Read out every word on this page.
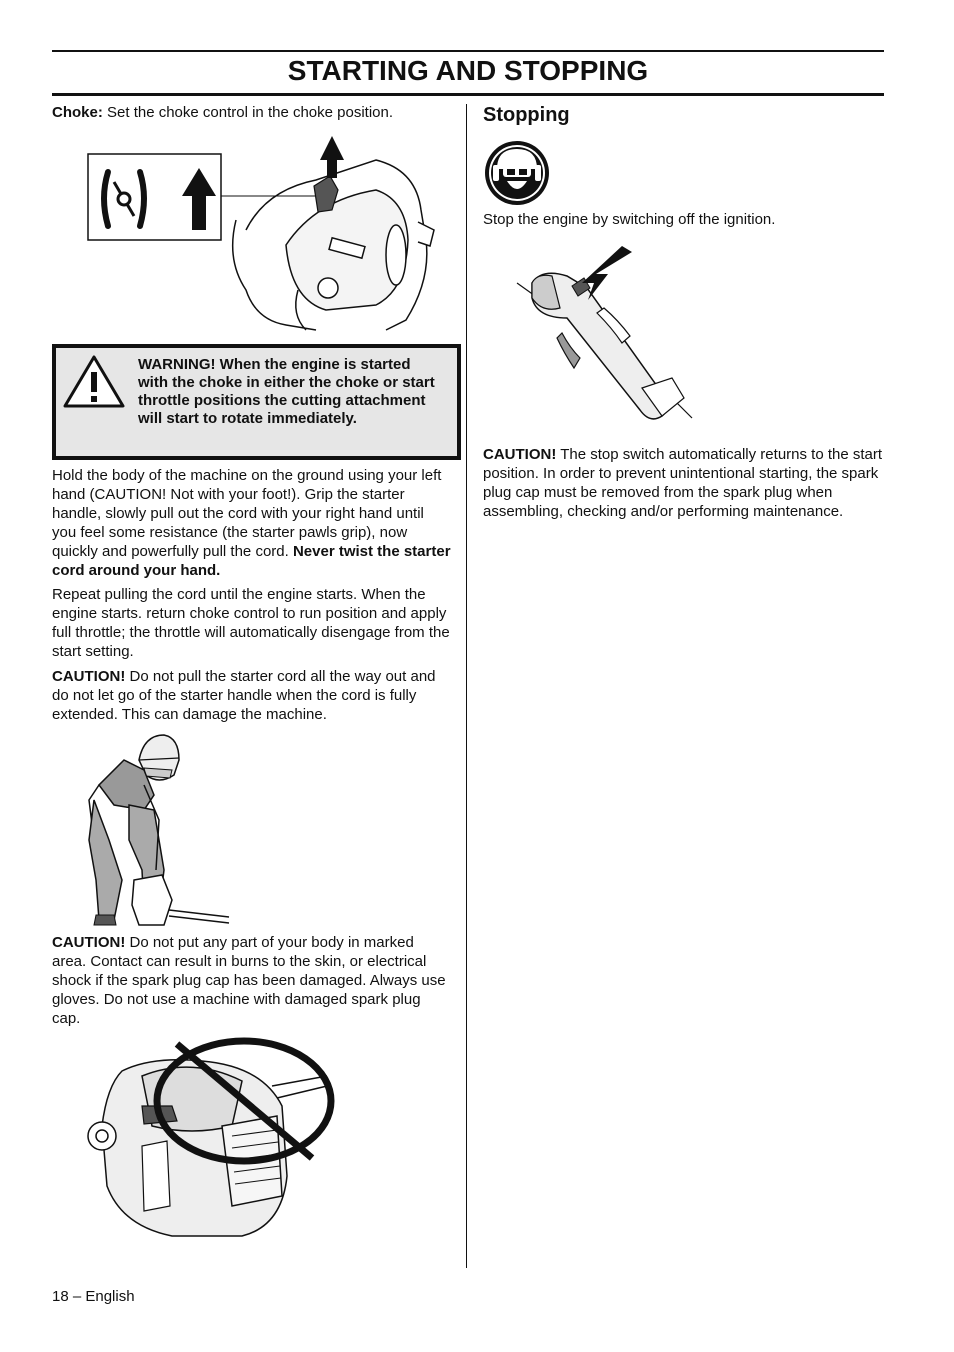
STARTING AND STOPPING

Choke: Set the choke control in the choke position.

WARNING! When the engine is started with the choke in either the choke or start throttle positions the cutting attachment will start to rotate immediately.

Hold the body of the machine on the ground using your left hand (CAUTION! Not with your foot!). Grip the starter handle, slowly pull out the cord with your right hand until you feel some resistance (the starter pawls grip), now quickly and powerfully pull the cord. Never twist the starter cord around your hand.

Repeat pulling the cord until the engine starts. When the engine starts. return choke control to run position and apply full throttle; the throttle will automatically disengage from the start setting.

CAUTION! Do not pull the starter cord all the way out and do not let go of the starter handle when the cord is fully extended. This can damage the machine.

CAUTION! Do not put any part of your body in marked area. Contact can result in burns to the skin, or electrical shock if the spark plug cap has been damaged. Always use gloves. Do not use a machine with damaged spark plug cap.

Stopping

Stop the engine by switching off the ignition.

CAUTION! The stop switch automatically returns to the start position. In order to prevent unintentional starting, the spark plug cap must be removed from the spark plug when assembling, checking and/or performing maintenance.

18 – English
